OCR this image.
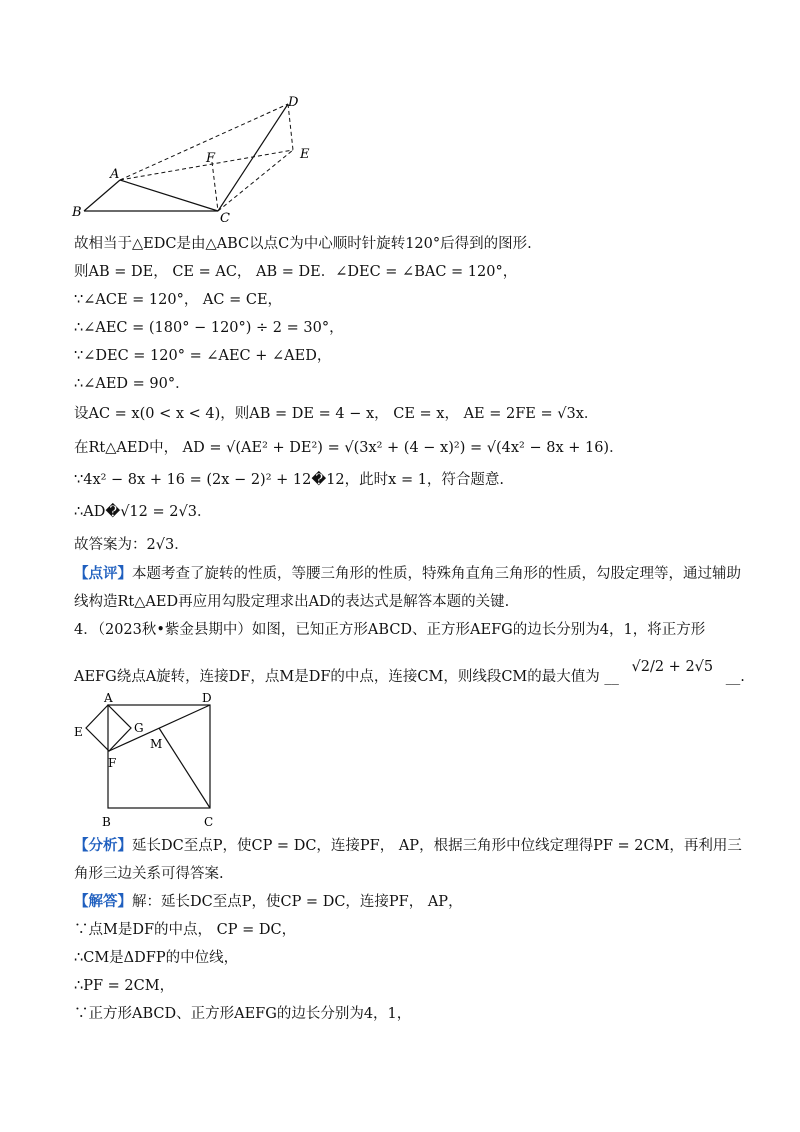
B
A
C
D
E
F
故相当于△EDC是由△ABC以点C为中心顺时针旋转120°后得到的图形.
则AB = DE， CE = AC， AB = DE．∠DEC = ∠BAC = 120°，
∵∠ACE = 120°， AC = CE，
∴∠AEC = (180° − 120°) ÷ 2 = 30°，
∵∠DEC = 120° = ∠AEC + ∠AED，
∴∠AED = 90°．
设AC = x(0 < x < 4)，则AB = DE = 4 − x， CE = x， AE = 2FE = √3x．
在Rt△AED中， AD = √(AE² + DE²) = √(3x² + (4 − x)²) = √(4x² − 8x + 16)．
∵4x² − 8x + 16 = (2x − 2)² + 12�12，此时x = 1，符合题意.
∴AD�√12 = 2√3．
故答案为：2√3．
【点评】本题考查了旋转的性质，等腰三角形的性质，特殊角直角三角形的性质，勾股定理等，通过辅助
线构造Rt△AED再应用勾股定理求出AD的表达式是解答本题的关键.
4．（2023秋•紫金县期中）如图，已知正方形ABCD、正方形AEFG的边长分别为4，1，将正方形
AEFG绕点A旋转，连接DF，点M是DF的中点，连接CM，则线段CM的最大值为 __ √2/2 + 2√5 __.
A	D
E	G
M
F
B	C
【分析】延长DC至点P，使CP = DC，连接PF， AP，根据三角形中位线定理得PF = 2CM，再利用三
角形三边关系可得答案.
【解答】解：延长DC至点P，使CP = DC，连接PF， AP，
∵点M是DF的中点， CP = DC，
∴CM是ΔDFP的中位线，
∴PF = 2CM，
∵正方形ABCD、正方形AEFG的边长分别为4，1，
